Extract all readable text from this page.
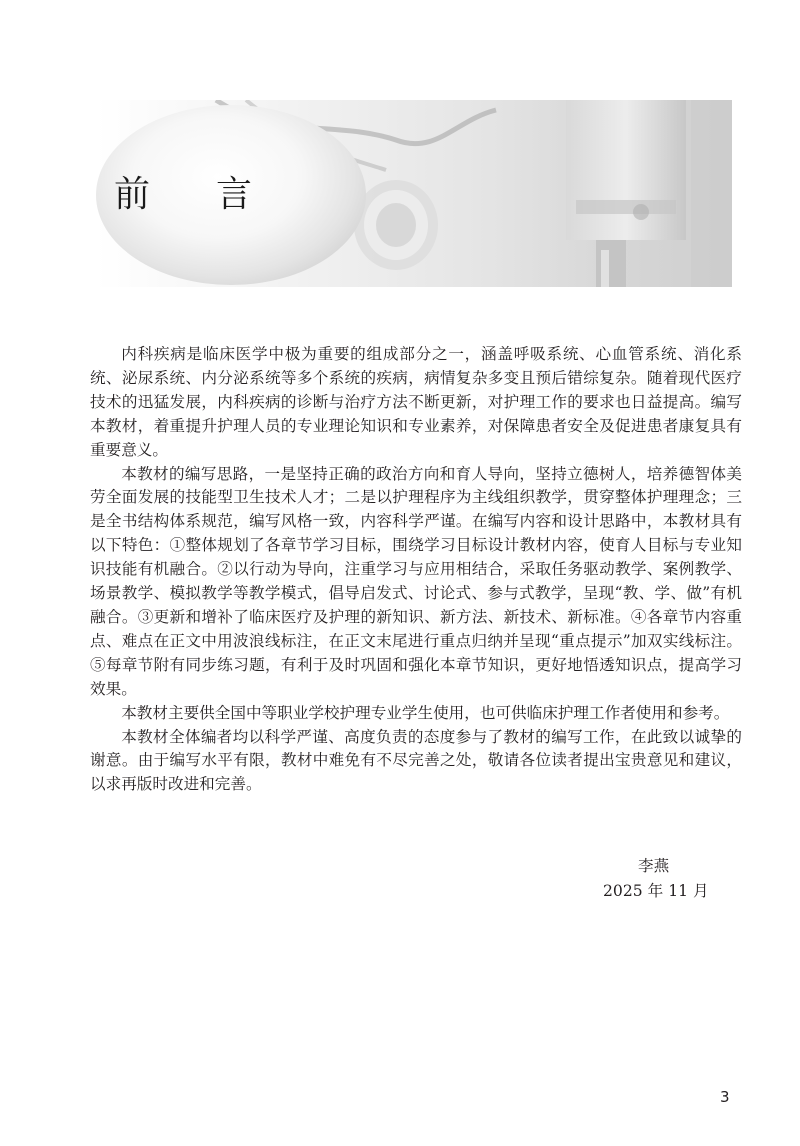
前 言

内科疾病是临床医学中极为重要的组成部分之一，涵盖呼吸系统、心血管系统、消化系统、泌尿系统、内分泌系统等多个系统的疾病，病情复杂多变且预后错综复杂。随着现代医疗技术的迅猛发展，内科疾病的诊断与治疗方法不断更新，对护理工作的要求也日益提高。编写本教材，着重提升护理人员的专业理论知识和专业素养，对保障患者安全及促进患者康复具有重要意义。

本教材的编写思路，一是坚持正确的政治方向和育人导向，坚持立德树人，培养德智体美劳全面发展的技能型卫生技术人才；二是以护理程序为主线组织教学，贯穿整体护理理念；三是全书结构体系规范，编写风格一致，内容科学严谨。在编写内容和设计思路中，本教材具有以下特色：①整体规划了各章节学习目标，围绕学习目标设计教材内容，使育人目标与专业知识技能有机融合。②以行动为导向，注重学习与应用相结合，采取任务驱动教学、案例教学、场景教学、模拟教学等教学模式，倡导启发式、讨论式、参与式教学，呈现“教、学、做”有机融合。③更新和增补了临床医疗及护理的新知识、新方法、新技术、新标准。④各章节内容重点、难点在正文中用波浪线标注，在正文末尾进行重点归纳并呈现“重点提示”加双实线标注。⑤每章节附有同步练习题，有利于及时巩固和强化本章节知识，更好地悟透知识点，提高学习效果。

本教材主要供全国中等职业学校护理专业学生使用，也可供临床护理工作者使用和参考。

本教材全体编者均以科学严谨、高度负责的态度参与了教材的编写工作，在此致以诚挚的谢意。由于编写水平有限，教材中难免有不尽完善之处，敬请各位读者提出宝贵意见和建议，以求再版时改进和完善。

李燕
2025 年 11 月
3
